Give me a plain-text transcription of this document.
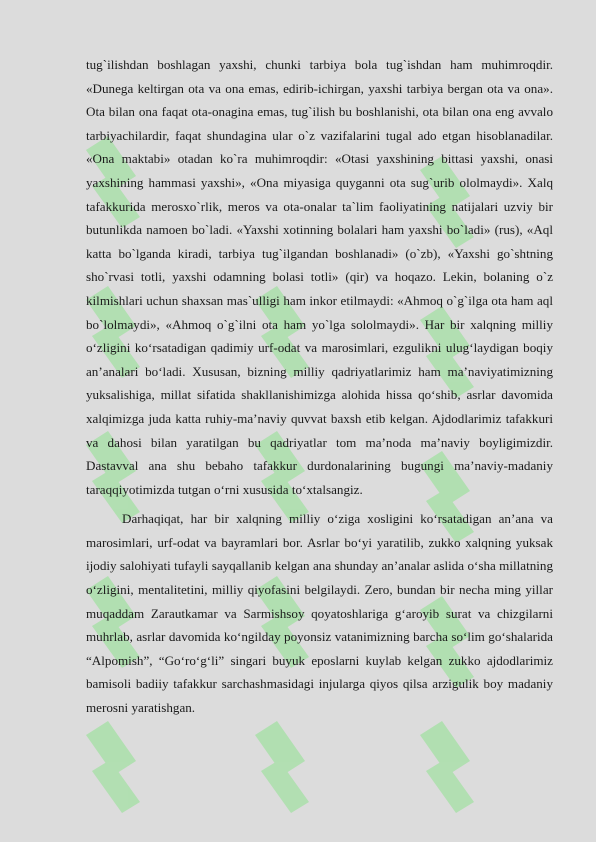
tug`ilishdan boshlagan yaxshi, chunki tarbiya bola tug`ishdan ham muhimroqdir. «Dunega keltirgan ota va ona emas, edirib-ichirgan, yaxshi tarbiya bergan ota va ona». Ota bilan ona faqat ota-onagina emas, tug`ilish bu boshlanishi, ota bilan ona eng avvalo tarbiyachilardir, faqat shundagina ular o`z vazifalarini tugal ado etgan hisoblanadilar. «Ona maktabi» otadan ko`ra muhimroqdir: «Otasi yaxshining bittasi yaxshi, onasi yaxshining hammasi yaxshi», «Ona miyasiga quyganni ota sug`urib ololmaydi». Xalq tafakkurida merosxo`rlik, meros va ota-onalar ta`lim faoliyatining natijalari uzviy bir butunlikda namoen bo`ladi. «Yaxshi xotinning bolalari ham yaxshi bo`ladi» (rus), «Aql katta bo`lganda kiradi, tarbiya tug`ilgandan boshlanadi» (o`zb), «Yaxshi go`shtning sho`rvasi totli, yaxshi odamning bolasi totli» (qir) va hoqazo. Lekin, bolaning o`z kilmishlari uchun shaxsan mas`ulligi ham inkor etilmaydi: «Ahmoq o`g`ilga ota ham aql bo`lolmaydi», «Ahmoq o`g`ilni ota ham yo`lga sololmaydi». Har bir xalqning milliy o‘zligini ko‘rsatadigan qadimiy urf-odat va marosimlari, ezgulikni ulug‘laydigan boqiy an’analari bo‘ladi. Xususan, bizning milliy qadriyatlarimiz ham ma’naviyatimizning yuksalishiga, millat sifatida shakllanishimizga alohida hissa qo‘shib, asrlar davomida xalqimizga juda katta ruhiy-ma’naviy quvvat baxsh etib kelgan. Ajdodlarimiz tafakkuri va dahosi bilan yaratilgan bu qadriyatlar tom ma’noda ma’naviy boyligimizdir. Dastavval ana shu bebaho tafakkur durdonalarining bugungi ma’naviy-madaniy taraqqiyotimizda tutgan o‘rni xususida to‘xtalsangiz.

Darhaqiqat, har bir xalqning milliy o‘ziga xosligini ko‘rsatadigan an’ana va marosimlari, urf-odat va bayramlari bor. Asrlar bo‘yi yaratilib, zukko xalqning yuksak ijodiy salohiyati tufayli sayqallanib kelgan ana shunday an’analar aslida o‘sha millatning o‘zligini, mentalitetini, milliy qiyofasini belgilaydi. Zero, bundan bir necha ming yillar muqaddam Zarautkamar va Sarmishsoy qoyatoshlariga g‘aroyib surat va chizgilarni muhrlab, asrlar davomida ko‘ngilday poyonsiz vatanimizning barcha so‘lim go‘shalarida “Alpomish”, “Go‘ro‘g‘li” singari buyuk eposlarni kuylab kelgan zukko ajdodlarimiz bamisoli badiiy tafakkur sarchashmasidagi injularga qiyos qilsa arzigulik boy madaniy merosni yaratishgan.
